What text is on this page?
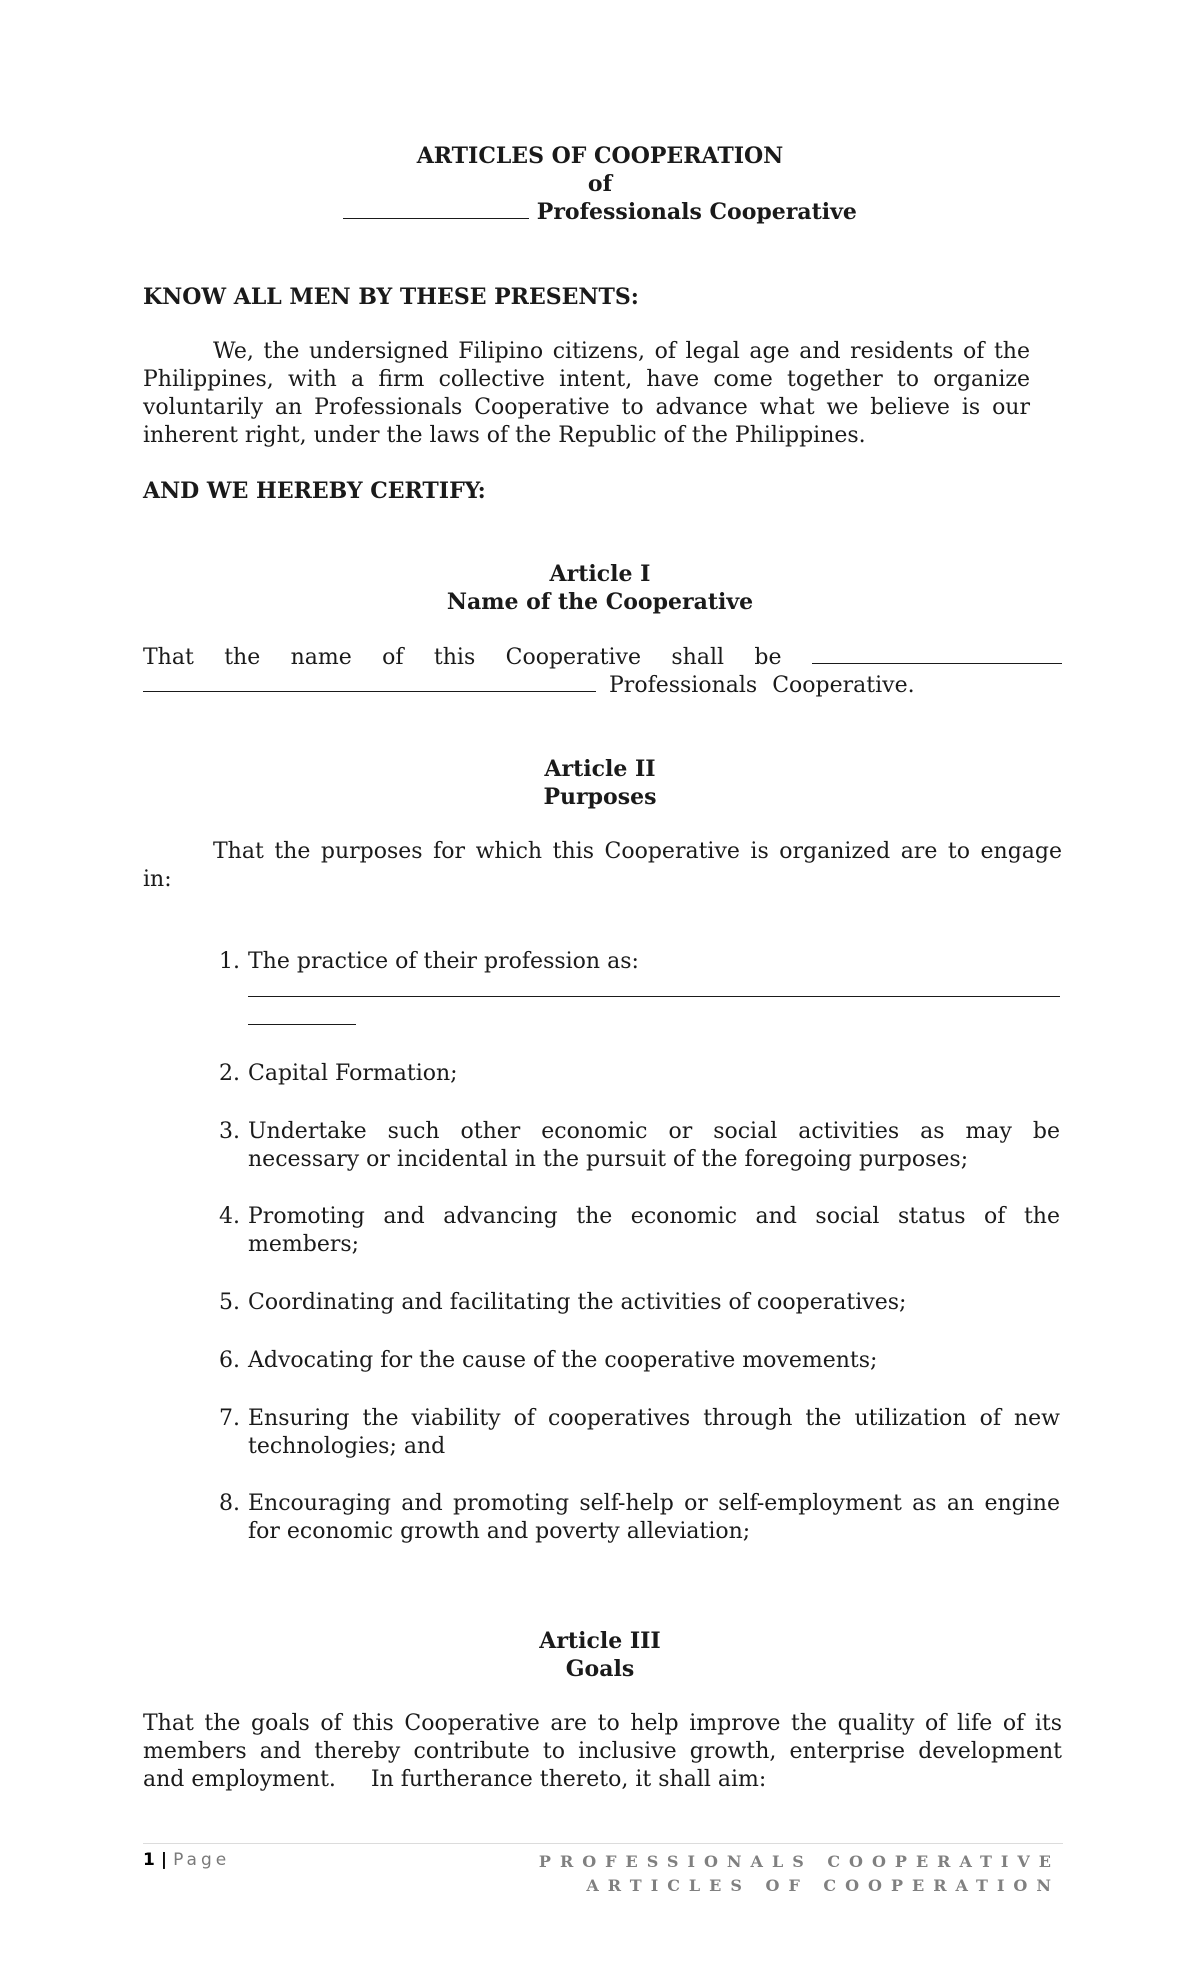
ARTICLES OF COOPERATION
of
Professionals Cooperative
KNOW ALL MEN BY THESE PRESENTS:
We, the undersigned Filipino citizens, of legal age and residents of the
Philippines, with a firm collective intent, have come together to organize
voluntarily an Professionals Cooperative to advance what we believe is our
inherent right, under the laws of the Republic of the Philippines.
AND WE HEREBY CERTIFY:
Article I
Name of the Cooperative
That the name of this Cooperative shall be
Professionals Cooperative.
Article II
Purposes
That the purposes for which this Cooperative is organized are to engage
in:
1. The practice of their profession as:
2. Capital Formation;
3. Undertake such other economic or social activities as may be
necessary or incidental in the pursuit of the foregoing purposes;
4. Promoting and advancing the economic and social status of the
members;
5. Coordinating and facilitating the activities of cooperatives;
6. Advocating for the cause of the cooperative movements;
7. Ensuring the viability of cooperatives through the utilization of new
technologies; and
8. Encouraging and promoting self-help or self-employment as an engine
for economic growth and poverty alleviation;
Article III
Goals
That the goals of this Cooperative are to help improve the quality of life of its
members and thereby contribute to inclusive growth, enterprise development
and employment.     In furtherance thereto, it shall aim:
1 | Page	PROFESSIONALS COOPERATIVE
ARTICLES OF COOPERATION
